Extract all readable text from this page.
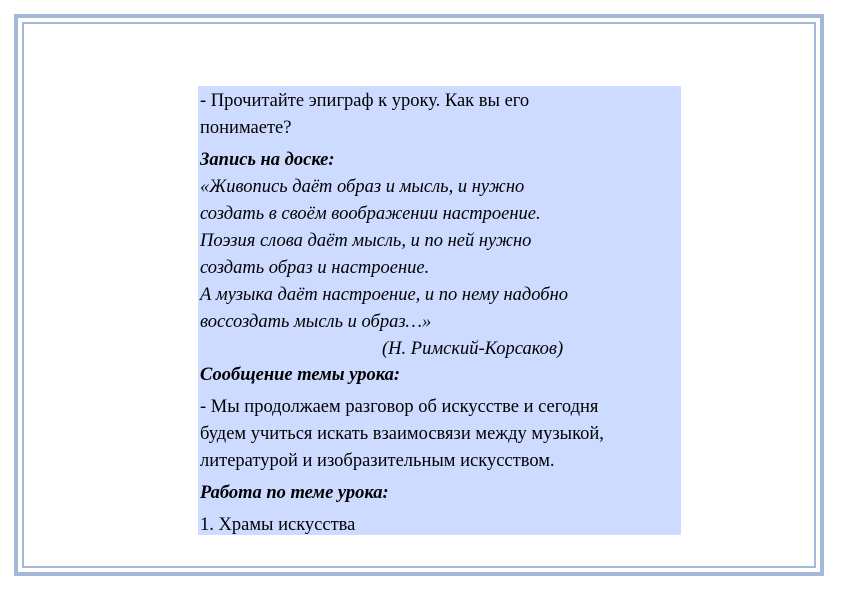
- Прочитайте эпиграф к уроку. Как вы его
понимаете?
Запись на доске:
«Живопись даёт образ и мысль, и нужно
создать в своём воображении настроение.
Поэзия слова даёт мысль, и по ней нужно
создать образ и настроение.
А музыка даёт настроение, и по нему надобно
воссоздать мысль и образ…»
(Н. Римский-Корсаков)
Сообщение темы урока:
- Мы продолжаем разговор об искусстве и сегодня
будем учиться искать взаимосвязи между музыкой,
литературой и изобразительным искусством.
Работа по теме урока:
1. Храмы искусства
